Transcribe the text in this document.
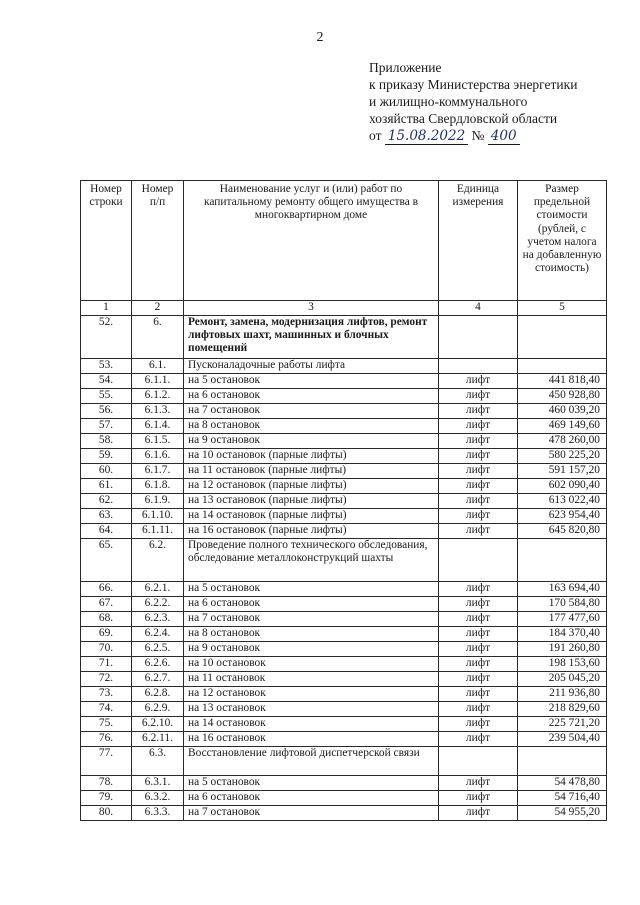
2
Приложение
к приказу Министерства энергетики
и жилищно-коммунального
хозяйства Свердловской области
от 15.08.2022 № 400
Номер строки	Номер п/п	Наименование услуг и (или) работ по капитальному ремонту общего имущества в многоквартирном доме	Единица измерения	Размер предельной стоимости (рублей, с учетом налога на добавленную стоимость)
1	2	3	4	5
52.	6.	Ремонт, замена, модернизация лифтов, ремонт лифтовых шахт, машинных и блочных помещений		
53.	6.1.	Пусконаладочные работы лифта		
54.	6.1.1.	на 5 остановок	лифт	441 818,40
55.	6.1.2.	на 6 остановок	лифт	450 928,80
56.	6.1.3.	на 7 остановок	лифт	460 039,20
57.	6.1.4.	на 8 остановок	лифт	469 149,60
58.	6.1.5.	на 9 остановок	лифт	478 260,00
59.	6.1.6.	на 10 остановок (парные лифты)	лифт	580 225,20
60.	6.1.7.	на 11 остановок (парные лифты)	лифт	591 157,20
61.	6.1.8.	на 12 остановок (парные лифты)	лифт	602 090,40
62.	6.1.9.	на 13 остановок (парные лифты)	лифт	613 022,40
63.	6.1.10.	на 14 остановок (парные лифты)	лифт	623 954,40
64.	6.1.11.	на 16 остановок (парные лифты)	лифт	645 820,80
65.	6.2.	Проведение полного технического обследования, обследование металлоконструкций шахты		
66.	6.2.1.	на 5 остановок	лифт	163 694,40
67.	6.2.2.	на 6 остановок	лифт	170 584,80
68.	6.2.3.	на 7 остановок	лифт	177 477,60
69.	6.2.4.	на 8 остановок	лифт	184 370,40
70.	6.2.5.	на 9 остановок	лифт	191 260,80
71.	6.2.6.	на 10 остановок	лифт	198 153,60
72.	6.2.7.	на 11 остановок	лифт	205 045,20
73.	6.2.8.	на 12 остановок	лифт	211 936,80
74.	6.2.9.	на 13 остановок	лифт	218 829,60
75.	6.2.10.	на 14 остановок	лифт	225 721,20
76.	6.2.11.	на 16 остановок	лифт	239 504,40
77.	6.3.	Восстановление лифтовой диспетчерской связи		
78.	6.3.1.	на 5 остановок	лифт	54 478,80
79.	6.3.2.	на 6 остановок	лифт	54 716,40
80.	6.3.3.	на 7 остановок	лифт	54 955,20
